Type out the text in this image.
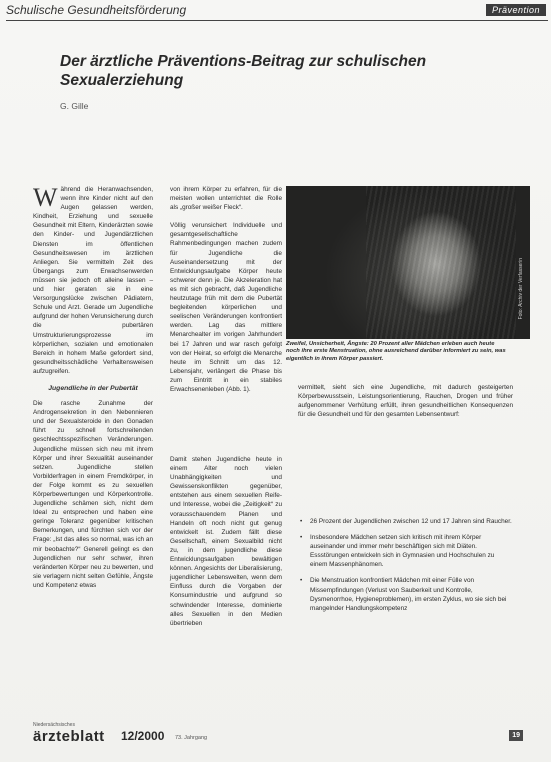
Schulische Gesundheitsförderung	Prävention
Der ärztliche Präventions-Beitrag zur schulischen Sexualerziehung
G. Gille

Während die Heranwachsenden, wenn ihre Kinder nicht auf den Augen gelassen werden, Kindheit, Erziehung und sexuelle Gesundheit mit Eltern, Kinderärzten sowie den Kinder- und Jugendärztlichen Diensten im öffentlichen Gesundheitswesen im ärztlichen Anliegen. Sie vermitteln Zeit des Übergangs zum Erwachsenwerden müssen sie jedoch oft alleine lassen – und hier geraten sie in eine Versorgungslücke zwischen Pädiatern, Schule und Arzt. Gerade um Jugendliche aufgrund der hohen Verunsicherung durch die pubertären Umstrukturierungsprozesse im körperlichen, sozialen und emotionalen Bereich in hohem Maße gefordert sind, gesundheitsschädliche Verhaltensweisen aufzugreifen.

Jugendliche in der Pubertät

Die rasche Zunahme der Androgensekretion in den Nebennieren und der Sexualsteroide in den Gonaden führt zu schnell fortschreitenden geschlechtsspezifischen Veränderungen. Jugendliche müssen sich neu mit ihrem Körper und ihrer Sexualität auseinander setzen. Jugendliche stellen Vorbilderfragen in einem Fremdkörper, in der Folge kommt es zu sexuellen Körperbewertungen und Körperkontrolle. Jugendliche schämen sich, nicht dem Ideal zu entsprechen und haben eine geringe Toleranz gegenüber kritischen Bemerkungen, und fürchten sich vor der Frage: „Ist das alles so normal, was ich an mir beobachte?“ Generell gelingt es den Jugendlichen nur sehr schwer, ihren veränderten Körper neu zu bewerten, und sie verlagern nicht selten Gefühle, Ängste und Kompetenz etwas

von ihrem Körper zu erfahren, für die meisten wollen unterrichtet die Rolle als „großer weißer Fleck“.

Völlig verunsichert Individuelle und gesamtgesellschaftliche Rahmenbedingungen machen zudem für Jugendliche die Auseinandersetzung mit der Entwicklungsaufgabe Körper heute schwerer denn je. Die Akzeleration hat es mit sich gebracht, daß Jugendliche heutzutage früh mit dem die Pubertät begleitenden körperlichen und seelischen Veränderungen konfrontiert werden. Lag das mittlere Menarchealter im vorigen Jahrhundert bei 17 Jahren und war rasch gefolgt von der Heirat, so erfolgt die Menarche heute im Schnitt um das 12. Lebensjahr, verlängert die Phase bis zum Eintritt in ein stabiles Erwachsenenleben (Abb. 1).

Damit stehen Jugendliche heute in einem Alter noch vielen Unabhängigkeiten und Gewissenskonflikten gegenüber, entstehen aus einem sexuellen Reife- und Interesse, wobei die „Zeitigkeit“ zu vorausschauendem Planen und Handeln oft noch nicht gut genug entwickelt ist. Zudem fällt diese Gesellschaft, einem Sexualbild nicht zu, in dem jugendliche diese Entwicklungsaufgaben bewältigen können. Angesichts der Liberalisierung, jugendlicher Lebenswelten, wenn dem Einfluss durch die Vorgaben der Konsumindustrie und aufgrund so schwindender Interesse, dominierte alles Sexuellen in den Medien übertrieben

Foto: Archiv der Verfasserin
Zweifel, Unsicherheit, Ängste: 20 Prozent aller Mädchen erleben auch heute noch ihre erste Menstruation, ohne ausreichend darüber informiert zu sein, was eigentlich in ihrem Körper passiert.

vermittelt, sieht sich eine Jugendliche, mit dadurch gesteigerten Körperbewusstsein, Leistungsorientierung, Rauchen, Drogen und früher aufgenommener Verhütung erfüllt, ihren gesundheitlichen Konsequenzen für die Gesundheit und für den gesamten Lebensentwurf:

• 26 Prozent der Jugendlichen zwischen 12 und 17 Jahren sind Raucher.
• Insbesondere Mädchen setzen sich kritisch mit ihrem Körper auseinander und immer mehr beschäftigen sich mit Diäten. Essstörungen entwickeln sich in Gymnasien und Hochschulen zu einem Massenphänomen.
• Die Menstruation konfrontiert Mädchen mit einer Fülle von Missempfindungen (Verlust von Sauberkeit und Kontrolle, Dysmenorrhoe, Hygieneproblemen), im ersten Zyklus, wo sie sich bei mangelnder Handlungskompetenz
Niedersächsisches
ärzteblatt 12/2000 73. Jahrgang	19
